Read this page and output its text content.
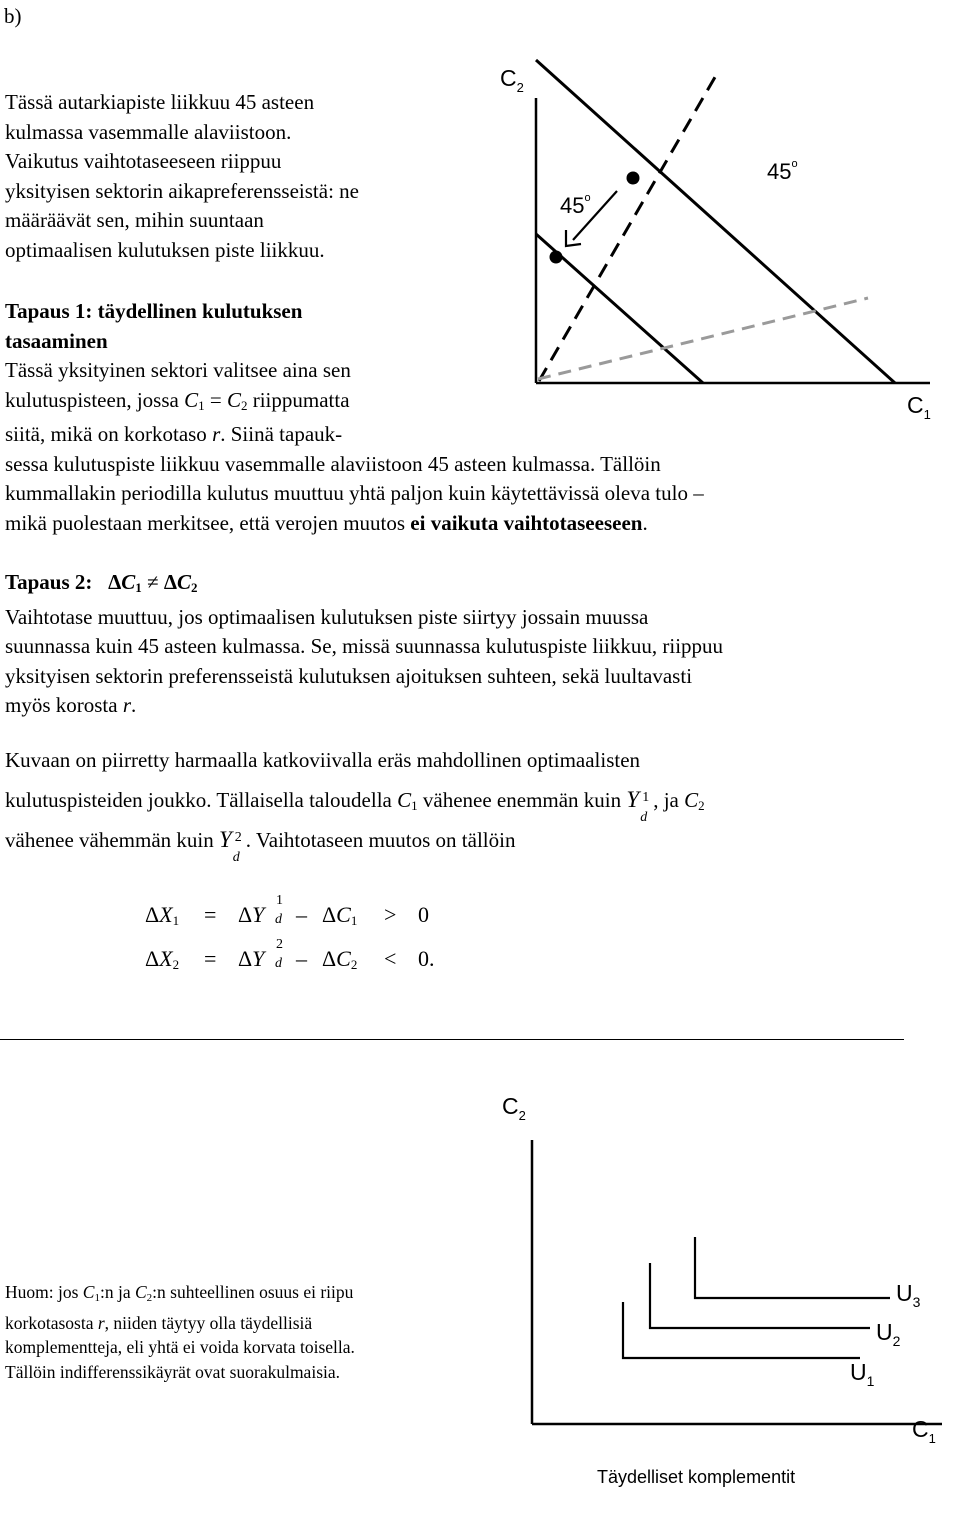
b)
Tässä autarkiapiste liikkuu 45 asteen
kulmassa vasemmalle alaviistoon.
Vaikutus vaihtotaseeseen riippuu
yksityisen sektorin aikapreferensseistä: ne
määräävät sen, mihin suuntaan
optimaalisen kulutuksen piste liikkuu.
Tapaus 1: täydellinen kulutuksen
tasaaminen
Tässä yksityinen sektori valitsee aina sen
kulutuspisteen, jossa $C_1 = C_2$ riippumatta
siitä, mikä on korkotaso r. Siinä tapauk-
sessa kulutuspiste liikkuu vasemmalle alaviistoon 45 asteen kulmassa. Tällöin
kummallakin periodilla kulutus muuttuu yhtä paljon kuin käytettävissä oleva tulo –
mikä puolestaan merkitsee, että verojen muutos ei vaikuta vaihtotaseeseen.
Tapaus 2: $\Delta C_1 \ne \Delta C_2$
Vaihtotase muuttuu, jos optimaalisen kulutuksen piste siirtyy jossain muussa
suunnassa kuin 45 asteen kulmassa. Se, missä suunnassa kulutuspiste liikkuu, riippuu
yksityisen sektorin preferensseistä kulutuksen ajoituksen suhteen, sekä luultavasti
myös korosta r.
Kuvaan on piirretty harmaalla katkoviivalla eräs mahdollinen optimaalisten
kulutuspisteiden joukko. Tällaisella taloudella $C_1$ vähenee enemmän kuin Y
d
1 , ja $C_2$
vähenee vähemmän kuin Y
d
2 . Vaihtotaseen muutos on tällöin
$\Delta X_1 = \Delta Y$ d
1
– $\Delta C_1 > 0$
$\Delta X_2 = \Delta Y$ d
2
– $\Delta C_2 < 0$.
45$^o$
45$^o$
$C_2$
$C_1$
$U_1$
$U_2$
$U_3$
$C_2$
$C_1$
Täydelliset komplementit
Huom: jos $C_1:n$ ja $C_2:n$ suhteellinen osuus ei riipu
korkotasosta r, niiden täytyy olla täydellisiä
komplementteja, eli yhtä ei voida korvata toisella.
Tällöin indifferenssikäyrät ovat suorakulmaisia.
